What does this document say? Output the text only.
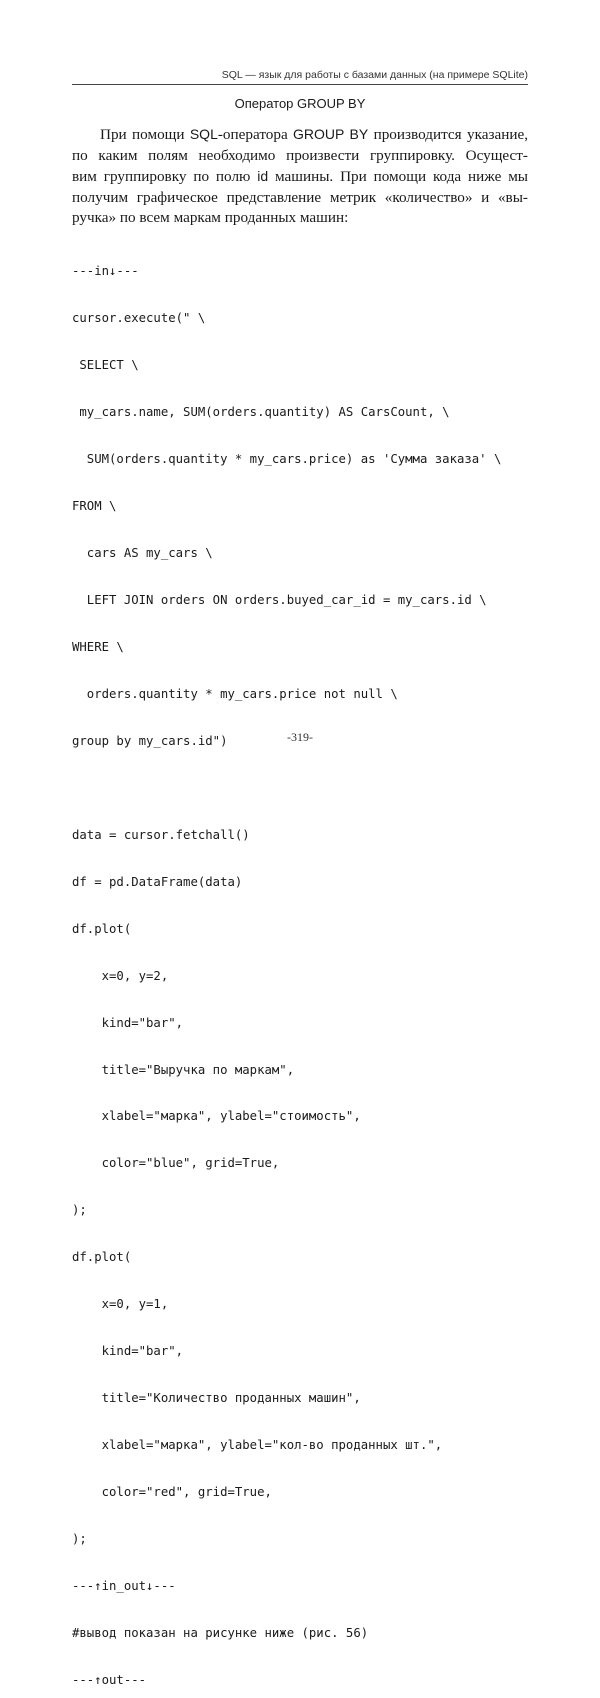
SQL — язык для работы с базами данных (на примере SQLite)
Оператор GROUP BY
При помощи SQL-оператора GROUP BY производится указание,
по каким полям необходимо произвести группировку. Осущест-
вим группировку по полю id машины. При помощи кода ниже мы
получим графическое представление метрик «количество» и «вы-
ручка» по всем маркам проданных машин:

---in↓---

cursor.execute(" \

SELECT \

my_cars.name, SUM(orders.quantity) AS CarsCount, \

SUM(orders.quantity * my_cars.price) as 'Сумма заказа' \

FROM \

cars AS my_cars \

LEFT JOIN orders ON orders.buyed_car_id = my_cars.id \

WHERE \

orders.quantity * my_cars.price not null \

group by my_cars.id")

data = cursor.fetchall()

df = pd.DataFrame(data)

df.plot(

x=0, y=2,

kind="bar",

title="Выручка по маркам",

xlabel="марка", ylabel="стоимость",

color="blue", grid=True,

);

df.plot(

x=0, y=1,

kind="bar",

title="Количество проданных машин",

xlabel="марка", ylabel="кол-во проданных шт.",

color="red", grid=True,

);

---↑in_out↓---

#вывод показан на рисунке ниже (рис. 56)

---↑out---

-319-
